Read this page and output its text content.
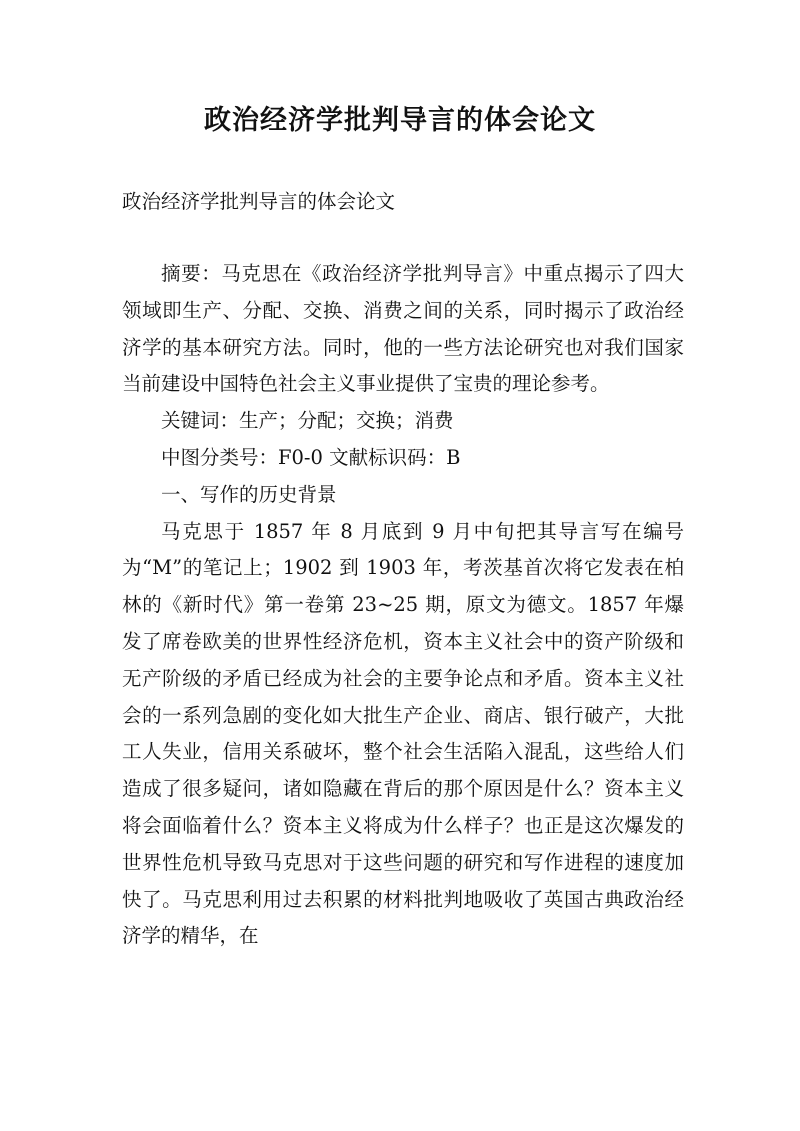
政治经济学批判导言的体会论文

政治经济学批判导言的体会论文

摘要：马克思在《政治经济学批判导言》中重点揭示了四大领域即生产、分配、交换、消费之间的关系，同时揭示了政治经济学的基本研究方法。同时，他的一些方法论研究也对我们国家当前建设中国特色社会主义事业提供了宝贵的理论参考。

关键词：生产；分配；交换；消费

中图分类号：F0-0 文献标识码：B

一、写作的历史背景

马克思于 1857 年 8 月底到 9 月中旬把其导言写在编号为“M”的笔记上；1902 到 1903 年，考茨基首次将它发表在柏林的《新时代》第一卷第 23~25 期，原文为德文。1857 年爆发了席卷欧美的世界性经济危机，资本主义社会中的资产阶级和无产阶级的矛盾已经成为社会的主要争论点和矛盾。资本主义社会的一系列急剧的变化如大批生产企业、商店、银行破产，大批工人失业，信用关系破坏，整个社会生活陷入混乱，这些给人们造成了很多疑问，诸如隐藏在背后的那个原因是什么？资本主义将会面临着什么？资本主义将成为什么样子？也正是这次爆发的世界性危机导致马克思对于这些问题的研究和写作进程的速度加快了。马克思利用过去积累的材料批判地吸收了英国古典政治经济学的精华，在
